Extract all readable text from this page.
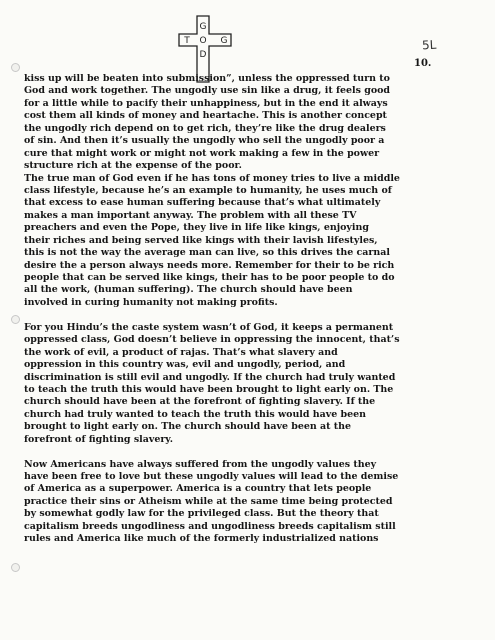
G
O
D
G
T	5L
10.
kiss up will be beaten into submission”, unless the oppressed turn to
God and work together. The ungodly use sin like a drug, it feels good
for a little while to pacify their unhappiness, but in the end it always
cost them all kinds of money and heartache. This is another concept
the ungodly rich depend on to get rich, they’re like the drug dealers
of sin. And then it’s usually the ungodly who sell the ungodly poor a
cure that might work or might not work making a few in the power
structure rich at the expense of the poor.
The true man of God even if he has tons of money tries to live a middle
class lifestyle, because he’s an example to humanity, he uses much of
that excess to ease human suffering because that’s what ultimately
makes a man important anyway. The problem with all these TV
preachers and even the Pope, they live in life like kings, enjoying
their riches and being served like kings with their lavish lifestyles,
this is not the way the average man can live, so this drives the carnal
desire the a person always needs more. Remember for their to be rich
people that can be served like kings, their has to be poor people to do
all the work, (human suffering). The church should have been
involved in curing humanity not making profits.
For you Hindu’s the caste system wasn’t of God, it keeps a permanent
oppressed class, God doesn’t believe in oppressing the innocent, that’s
the work of evil, a product of rajas. That’s what slavery and
oppression in this country was, evil and ungodly, period, and
discrimination is still evil and ungodly. If the church had truly wanted
to teach the truth this would have been brought to light early on. The
church should have been at the forefront of fighting slavery. If the
church had truly wanted to teach the truth this would have been
brought to light early on. The church should have been at the
forefront of fighting slavery.
Now Americans have always suffered from the ungodly values they
have been free to love but these ungodly values will lead to the demise
of America as a superpower. America is a country that lets people
practice their sins or Atheism while at the same time being protected
by somewhat godly law for the privileged class. But the theory that
capitalism breeds ungodliness and ungodliness breeds capitalism still
rules and America like much of the formerly industrialized nations
